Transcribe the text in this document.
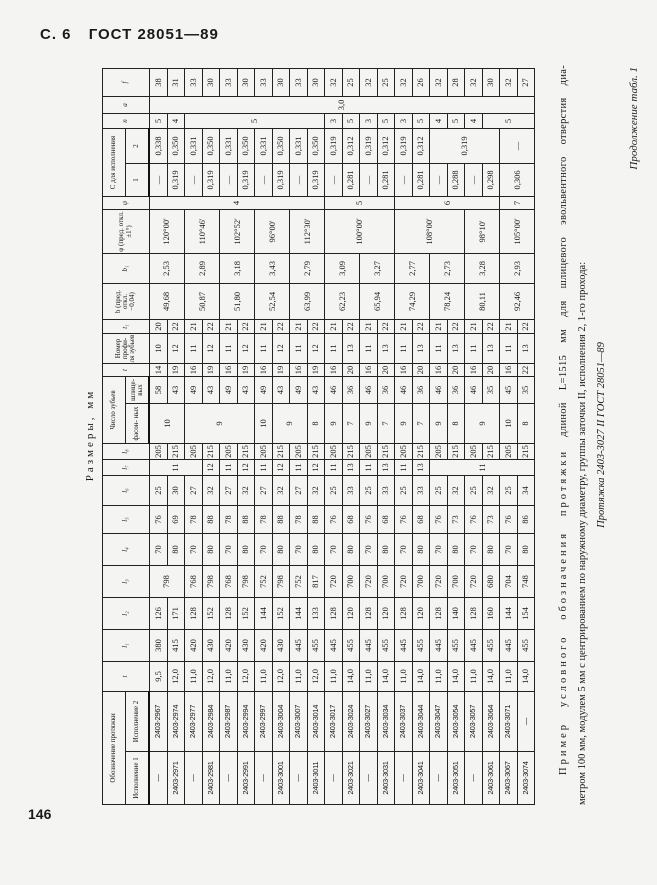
С. 6 ГОСТ 28051—89
146
Размеры, мм
Продолжение табл. 1
Обозначение протяжки		t	l₁	l₂	l₃	l₄	l₅	l₆	l₇	l₈	Число зубьев		t	Номер профи- ля зубьев	t₁	b (пред. откл. −0,04)	b₁	φ (пред. откл. ±1°)	ψ	C для исполнения		n	a	f
Исполнение 1	Исполнение 2										фасон- ных	шлице- вых								1	2			
—	2403-2967	9,5	380	126	798	70	76	25	11	205	10	58	14	10	20	49,68	2,53	120°00'	4	—	0,338	5	3,0	38
2403-2971	2403-2974	12,0	415	171		80	69	30		215		43	19	12	22					0,319	0,350	4		31
—	2403-2977	11,0	420	128	768	70	78	27		205	9	49	16	11	21	50,87	2,89	110°46'		—	0,331	5		33
2403-2981	2403-2984	12,0	430	152	798	80	88	32	12	215		43	19	12	22					0,319	0,350			30
—	2403-2987	11,0	420	128	768	70	78	27	11	205		49	16	11	21	51,80	3,18	102°52'		—	0,331			33
2403-2991	2403-2994	12,0	430	152	798	80	88	32	12	215		43	19	12	22					0,319	0,350			30
—	2403-2997	11,0	420	144	752	70	78	27	11	205	10	49	16	11	21	52,54	3,43	96°00'		—	0,331			33
2403-3001	2403-3004	12,0	430	152	798	80	88	32	12	215	9	43	19	12	22					0,319	0,350			30
—	2403-3007	11,0	445	144	752	70	78	27	11	205		49	16	11	21	63,99	2,79	112°30'		—	0,331			33
2403-3011	2403-3014	12,0	455	133	817	80	88	32	12	215	8	43	19	12	22					0,319	0,350			30
—	2403-3017	11,0	445	128	720	70	76	25	11	205	9	46	16	11	21	62,23	3,09	100°00'	5	—	0,319	3		32
2403-3021	2403-3024	14,0	455	120	700	80	68	33	13	215	7	36	20	13	22					0,281	0,312	5		25
—	2403-3027	11,0	445	128	720	70	76	25	11	205	9	46	16	11	21	65,94	3,27			—	0,319	3		32
2403-3031	2403-3034	14,0	455	120	700	80	68	33	13	215	7	36	20	13	22					0,281	0,312	5		25
—	2403-3037	11,0	445	128	720	70	76	25	11	205	9	46	16	11	21	74,29	2,77	108°00'	6	—	0,319	3		32
2403-3041	2403-3044	14,0	455	120	700	80	68	33	13	215	7	36	20	13	22					0,281	0,312	5		26
—	2403-3047	11,0	445	128	720	70	76	25	11	205	9	46	16	11	21	78,24	2,73			—	0,319	4		32
2403-3051	2403-3054	14,0	455	140	700	80	73	32		215	8	36	20	13	22					0,288		5		28
—	2403-3057	11,0	445	128	720	70	76	25		205	9	46	16	11	21	80,11	3,28	98°10'		—		4		32
2403-3061	2403-3064	14,0	455	160	680	80	73	32		215		35	20	13	22					0,298		5		30
2403-3067	2403-3071	11,0	445	144	704	70	76	25		205	10	45	16	11	21	92,46	2,93	105°00'	7	0,306	—			32
2403-3074	—	14,0	455	154	748	80	86	34		215	8	35	22	13	22									27
Пример условного обозначения протяжки длиной L=1515 мм для шлицевого эвольвентного отверстия диа-
метром 100 мм, модулем 5 мм с центрированием по наружному диаметру, группы заточки II, исполнения 2, 1-го прохода: Протяжка 2403-3027 II ГОСТ 28051—89
